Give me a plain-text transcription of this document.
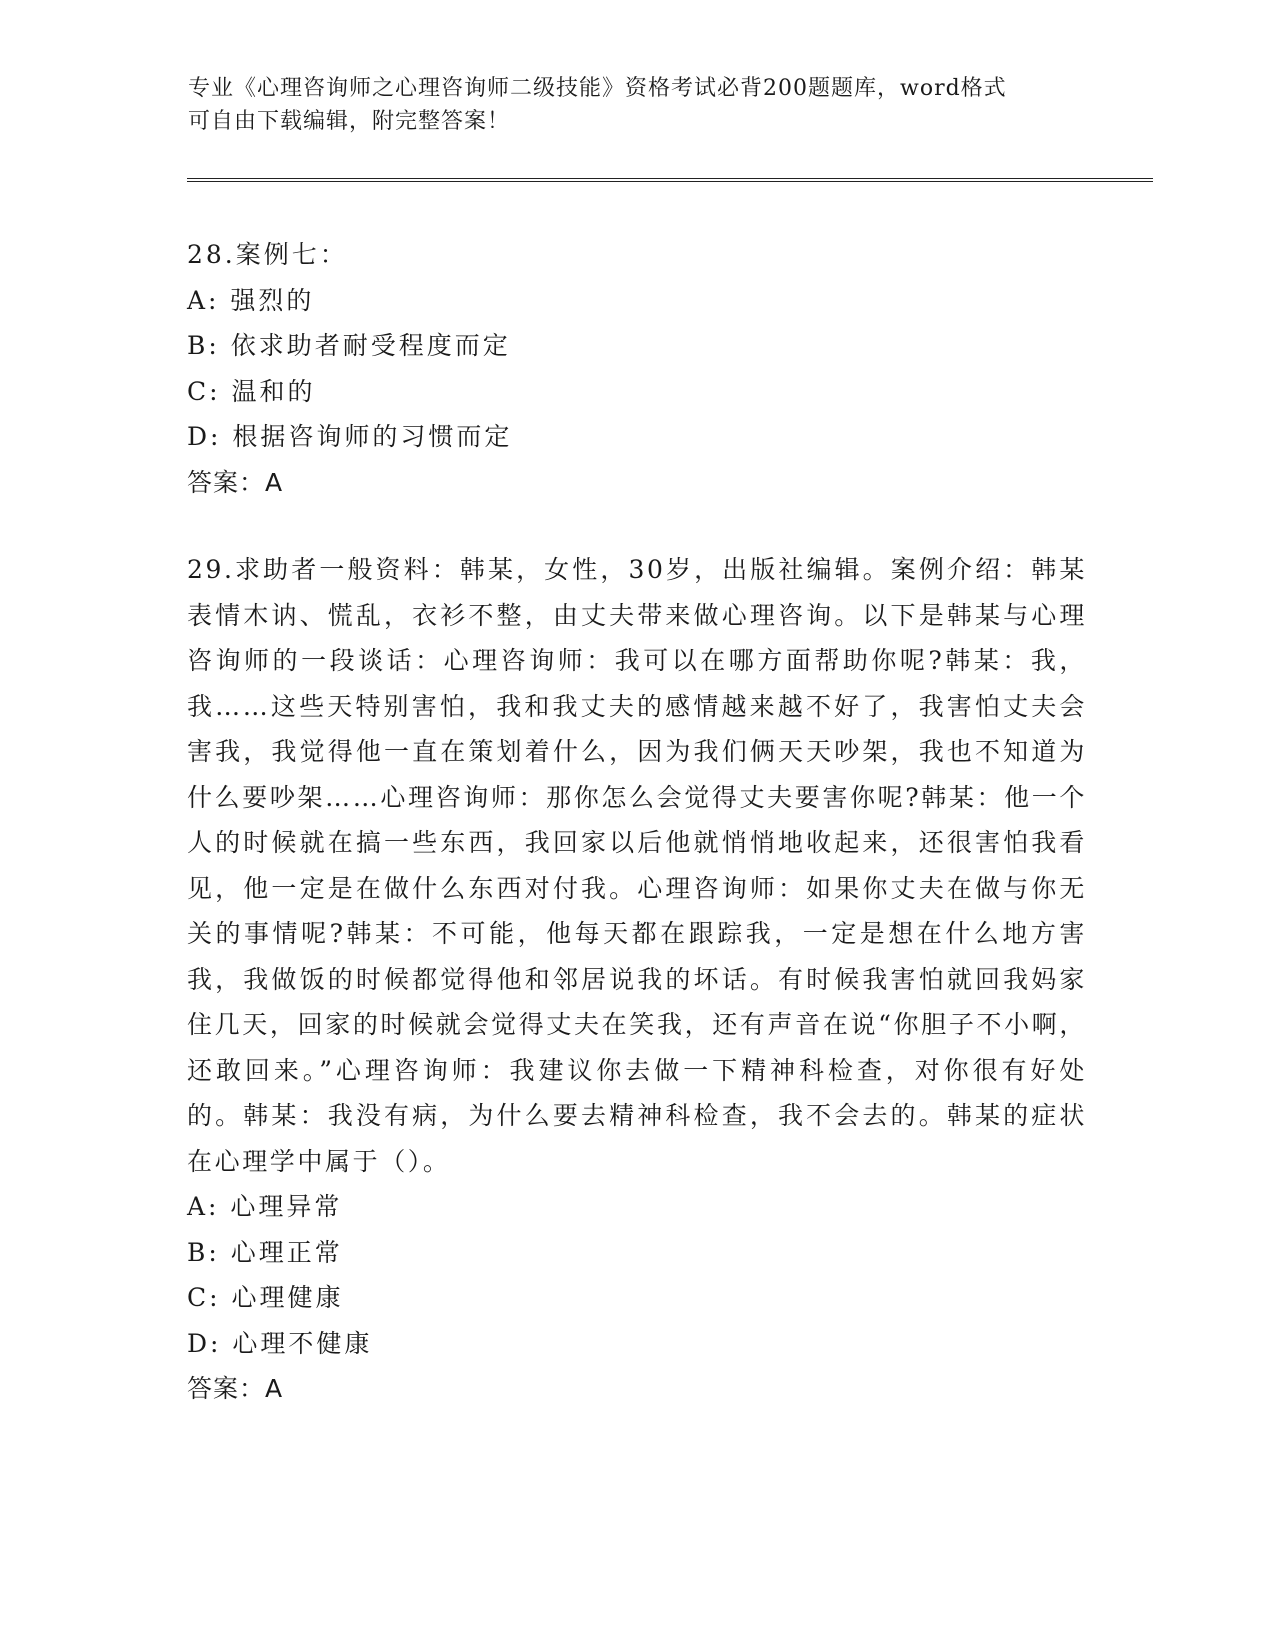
专业《心理咨询师之心理咨询师二级技能》资格考试必背200题题库，word格式
可自由下载编辑，附完整答案！
28.案例七：
A: 强烈的
B: 依求助者耐受程度而定
C: 温和的
D: 根据咨询师的习惯而定
答案：A
29.求助者一般资料：韩某，女性，30岁，出版社编辑。案例介绍：韩某表情木讷、慌乱，衣衫不整，由丈夫带来做心理咨询。以下是韩某与心理咨询师的一段谈话：心理咨询师：我可以在哪方面帮助你呢?韩某：我，我……这些天特别害怕，我和我丈夫的感情越来越不好了，我害怕丈夫会害我，我觉得他一直在策划着什么，因为我们俩天天吵架，我也不知道为什么要吵架……心理咨询师：那你怎么会觉得丈夫要害你呢?韩某：他一个人的时候就在搞一些东西，我回家以后他就悄悄地收起来，还很害怕我看见，他一定是在做什么东西对付我。心理咨询师：如果你丈夫在做与你无关的事情呢?韩某：不可能，他每天都在跟踪我，一定是想在什么地方害我，我做饭的时候都觉得他和邻居说我的坏话。有时候我害怕就回我妈家住几天，回家的时候就会觉得丈夫在笑我，还有声音在说“你胆子不小啊，还敢回来。”心理咨询师：我建议你去做一下精神科检查，对你很有好处的。韩某：我没有病，为什么要去精神科检查，我不会去的。韩某的症状在心理学中属于（）。
A: 心理异常
B: 心理正常
C: 心理健康
D: 心理不健康
答案：A
